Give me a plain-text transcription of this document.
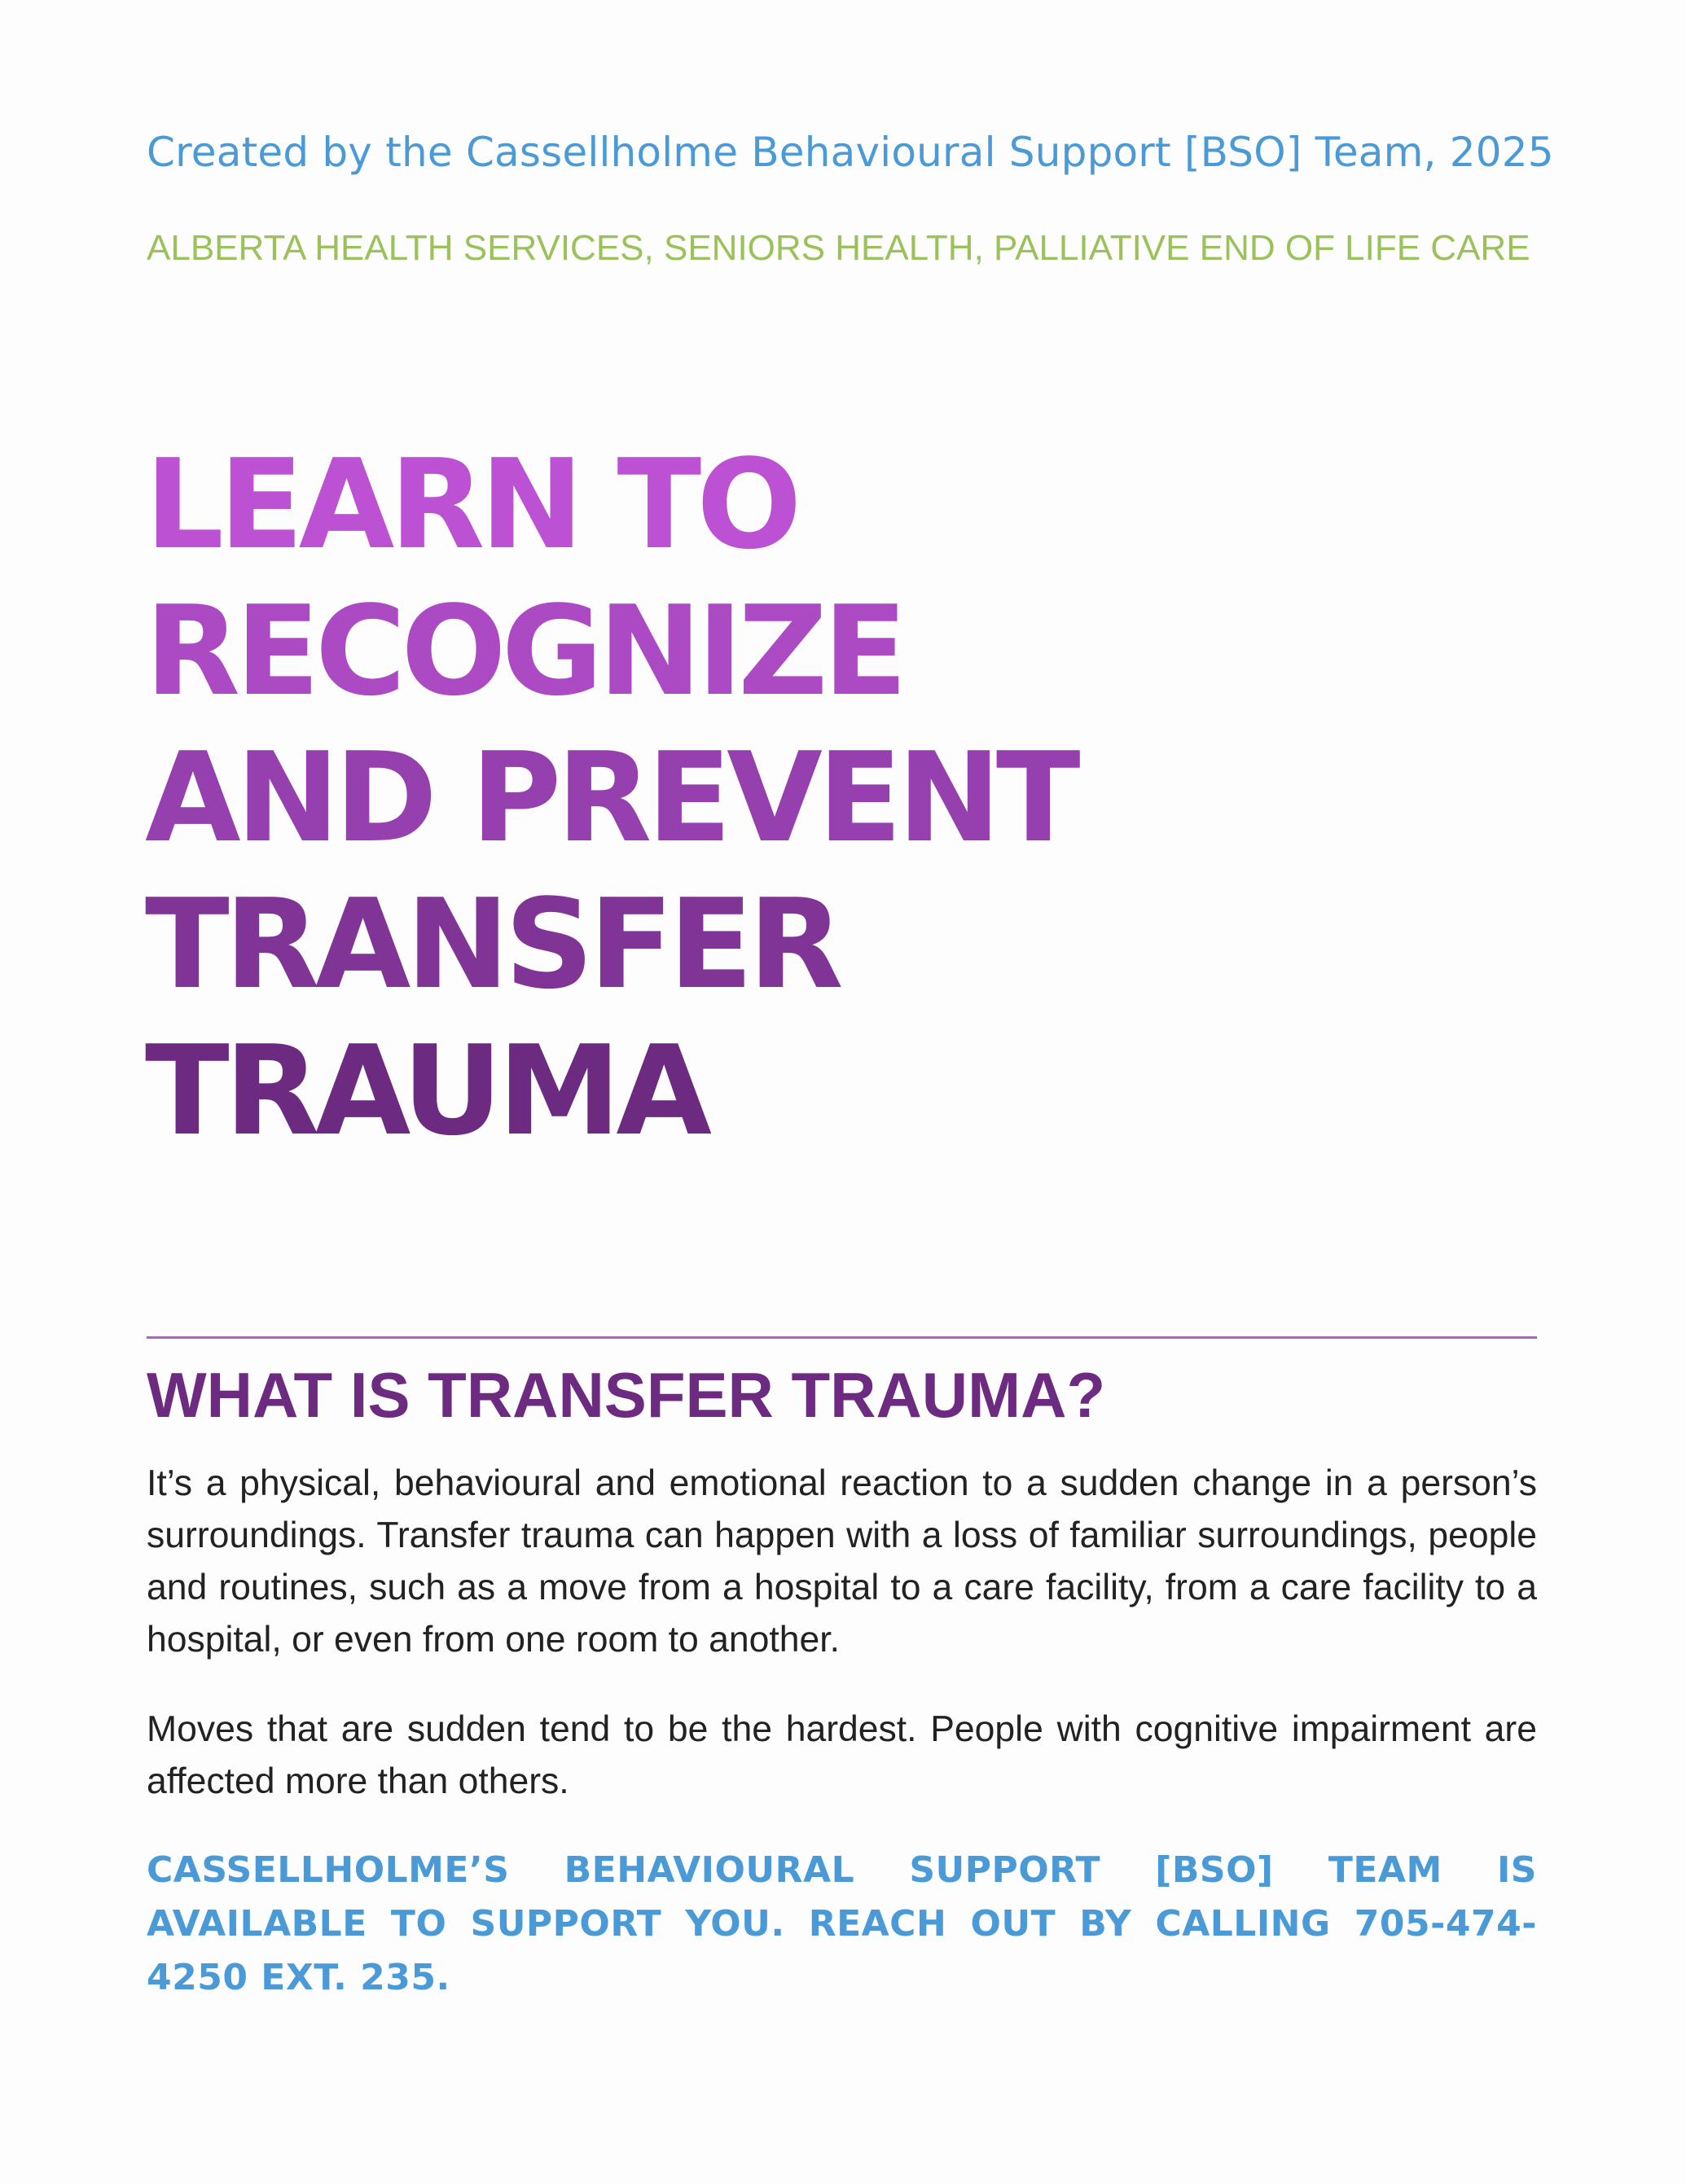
Created by the Cassellholme Behavioural Support [BSO] Team, 2025
ALBERTA HEALTH SERVICES, SENIORS HEALTH, PALLIATIVE END OF LIFE CARE
LEARN TO
RECOGNIZE
AND PREVENT
TRANSFER
TRAUMA
WHAT IS TRANSFER TRAUMA?
It’s a physical, behavioural and emotional reaction to a sudden change in a person’s surroundings. Transfer trauma can happen with a loss of familiar surroundings, people and routines, such as a move from a hospital to a care facility, from a care facility to a hospital, or even from one room to another.
Moves that are sudden tend to be the hardest. People with cognitive impairment are affected more than others.
CASSELLHOLME’S BEHAVIOURAL SUPPORT [BSO] TEAM IS AVAILABLE TO SUPPORT YOU. REACH OUT BY CALLING 705-474-4250 EXT. 235.
